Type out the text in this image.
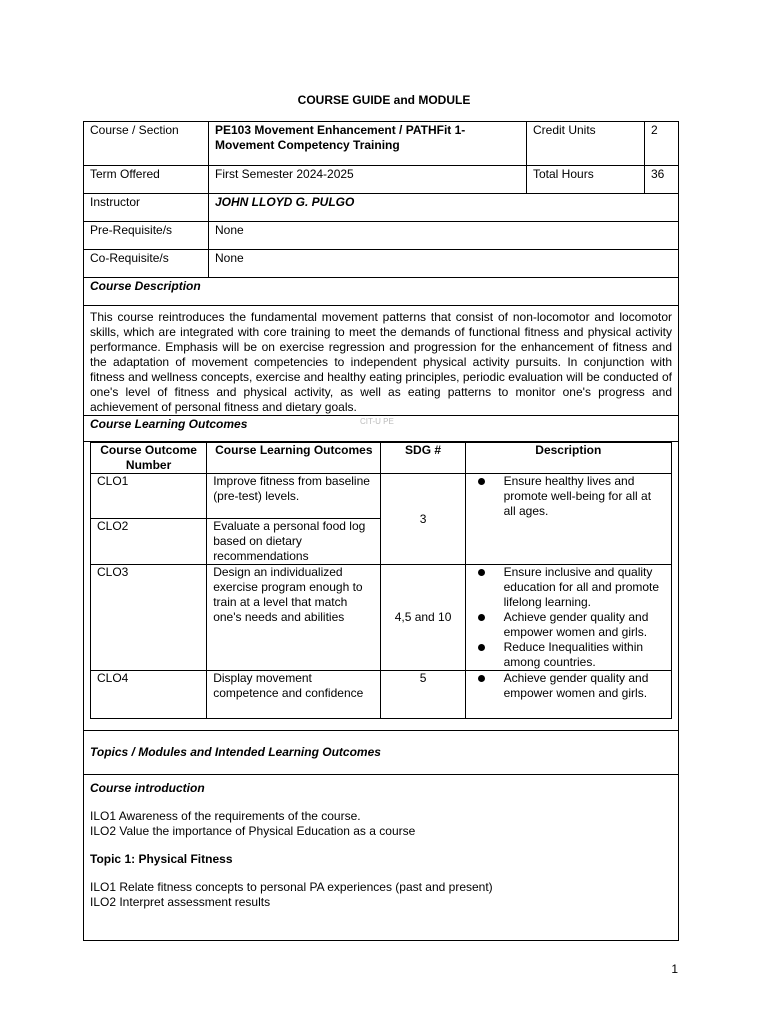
COURSE GUIDE and MODULE
Course / Section	PE103 Movement Enhancement / PATHFit 1-
Movement Competency Training	Credit Units	2
Term Offered	First Semester 2024-2025	Total Hours	36
Instructor	JOHN LLOYD G. PULGO
Pre-Requisite/s	None
Co-Requisite/s	None
Course Description
This course reintroduces the fundamental movement patterns that consist of non-locomotor and locomotor skills, which are integrated with core training to meet the demands of functional fitness and physical activity performance. Emphasis will be on exercise regression and progression for the enhancement of fitness and the adaptation of movement competencies to independent physical activity pursuits. In conjunction with fitness and wellness concepts, exercise and healthy eating principles, periodic evaluation will be conducted of one's level of fitness and physical activity, as well as eating patterns to monitor one's progress and achievement of personal fitness and dietary goals.
Course Learning Outcomes	CIT-U PE

Course Outcome Number	Course Learning Outcomes	SDG #	Description
CLO1	Improve fitness from baseline (pre-test) levels.	3	
Ensure healthy lives and promote well-being for all at all ages.

CLO2	Evaluate a personal food log based on dietary recommendations
CLO3	Design an individualized exercise program enough to train at a level that match one's needs and abilities	4,5 and 10	
Ensure inclusive and quality education for all and promote lifelong learning.
Achieve gender quality and empower women and girls.
Reduce Inequalities within among countries.

CLO4	Display movement competence and confidence	5	Achieve gender quality and empower women and girls.

Topics / Modules and Intended Learning Outcomes

Course introduction

ILO1 Awareness of the requirements of the course.

ILO2 Value the importance of Physical Education as a course

Topic 1: Physical Fitness

ILO1 Relate fitness concepts to personal PA experiences (past and present)

ILO2 Interpret assessment results

1
